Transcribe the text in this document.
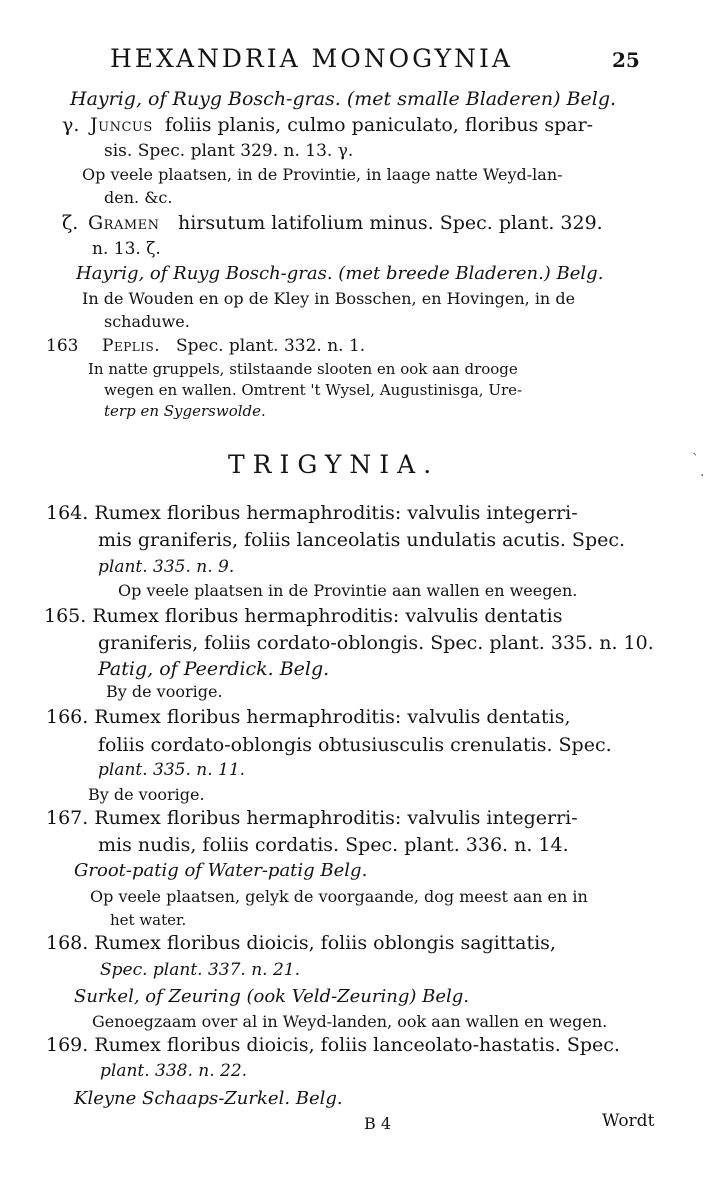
HEXANDRIA MONOGYNIA	25
Hayrig, of Ruyg Bosch-gras. (met smalle Bladeren) Belg.
γ. Juncus foliis planis, culmo paniculato, floribus spar-
sis. Spec. plant 329. n. 13. γ.
Op veele plaatsen, in de Provintie, in laage natte Weyd-lan-
den. &c.
ζ. Gramen hirsutum latifolium minus. Spec. plant. 329.
n. 13. ζ.
Hayrig, of Ruyg Bosch-gras. (met breede Bladeren.) Belg.
In de Wouden en op de Kley in Bosschen, en Hovingen, in de
schaduwe.
163 Peplis. Spec. plant. 332. n. 1.
In natte gruppels, stilstaande slooten en ook aan drooge
wegen en wallen. Omtrent 't Wysel, Augustinisga, Ure-
terp en Sygerswolde.
TRIGYNIA.
164. Rumex floribus hermaphroditis: valvulis integerri-
mis graniferis, foliis lanceolatis undulatis acutis. Spec.
plant. 335. n. 9.
Op veele plaatsen in de Provintie aan wallen en weegen.
165. Rumex floribus hermaphroditis: valvulis dentatis
graniferis, foliis cordato-oblongis. Spec. plant. 335. n. 10.
Patig, of Peerdick. Belg.
By de voorige.
166. Rumex floribus hermaphroditis: valvulis dentatis,
foliis cordato-oblongis obtusiusculis crenulatis. Spec.
plant. 335. n. 11.
By de voorige.
167. Rumex floribus hermaphroditis: valvulis integerri-
mis nudis, foliis cordatis. Spec. plant. 336. n. 14.
Groot-patig of Water-patig Belg.
Op veele plaatsen, gelyk de voorgaande, dog meest aan en in
het water.
168. Rumex floribus dioicis, foliis oblongis sagittatis,
Spec. plant. 337. n. 21.
Surkel, of Zeuring (ook Veld-Zeuring) Belg.
Genoegzaam over al in Weyd-landen, ook aan wallen en wegen.
169. Rumex floribus dioicis, foliis lanceolato-hastatis. Spec.
plant. 338. n. 22.
Kleyne Schaaps-Zurkel. Belg.
B 4	Wordt
`
·
